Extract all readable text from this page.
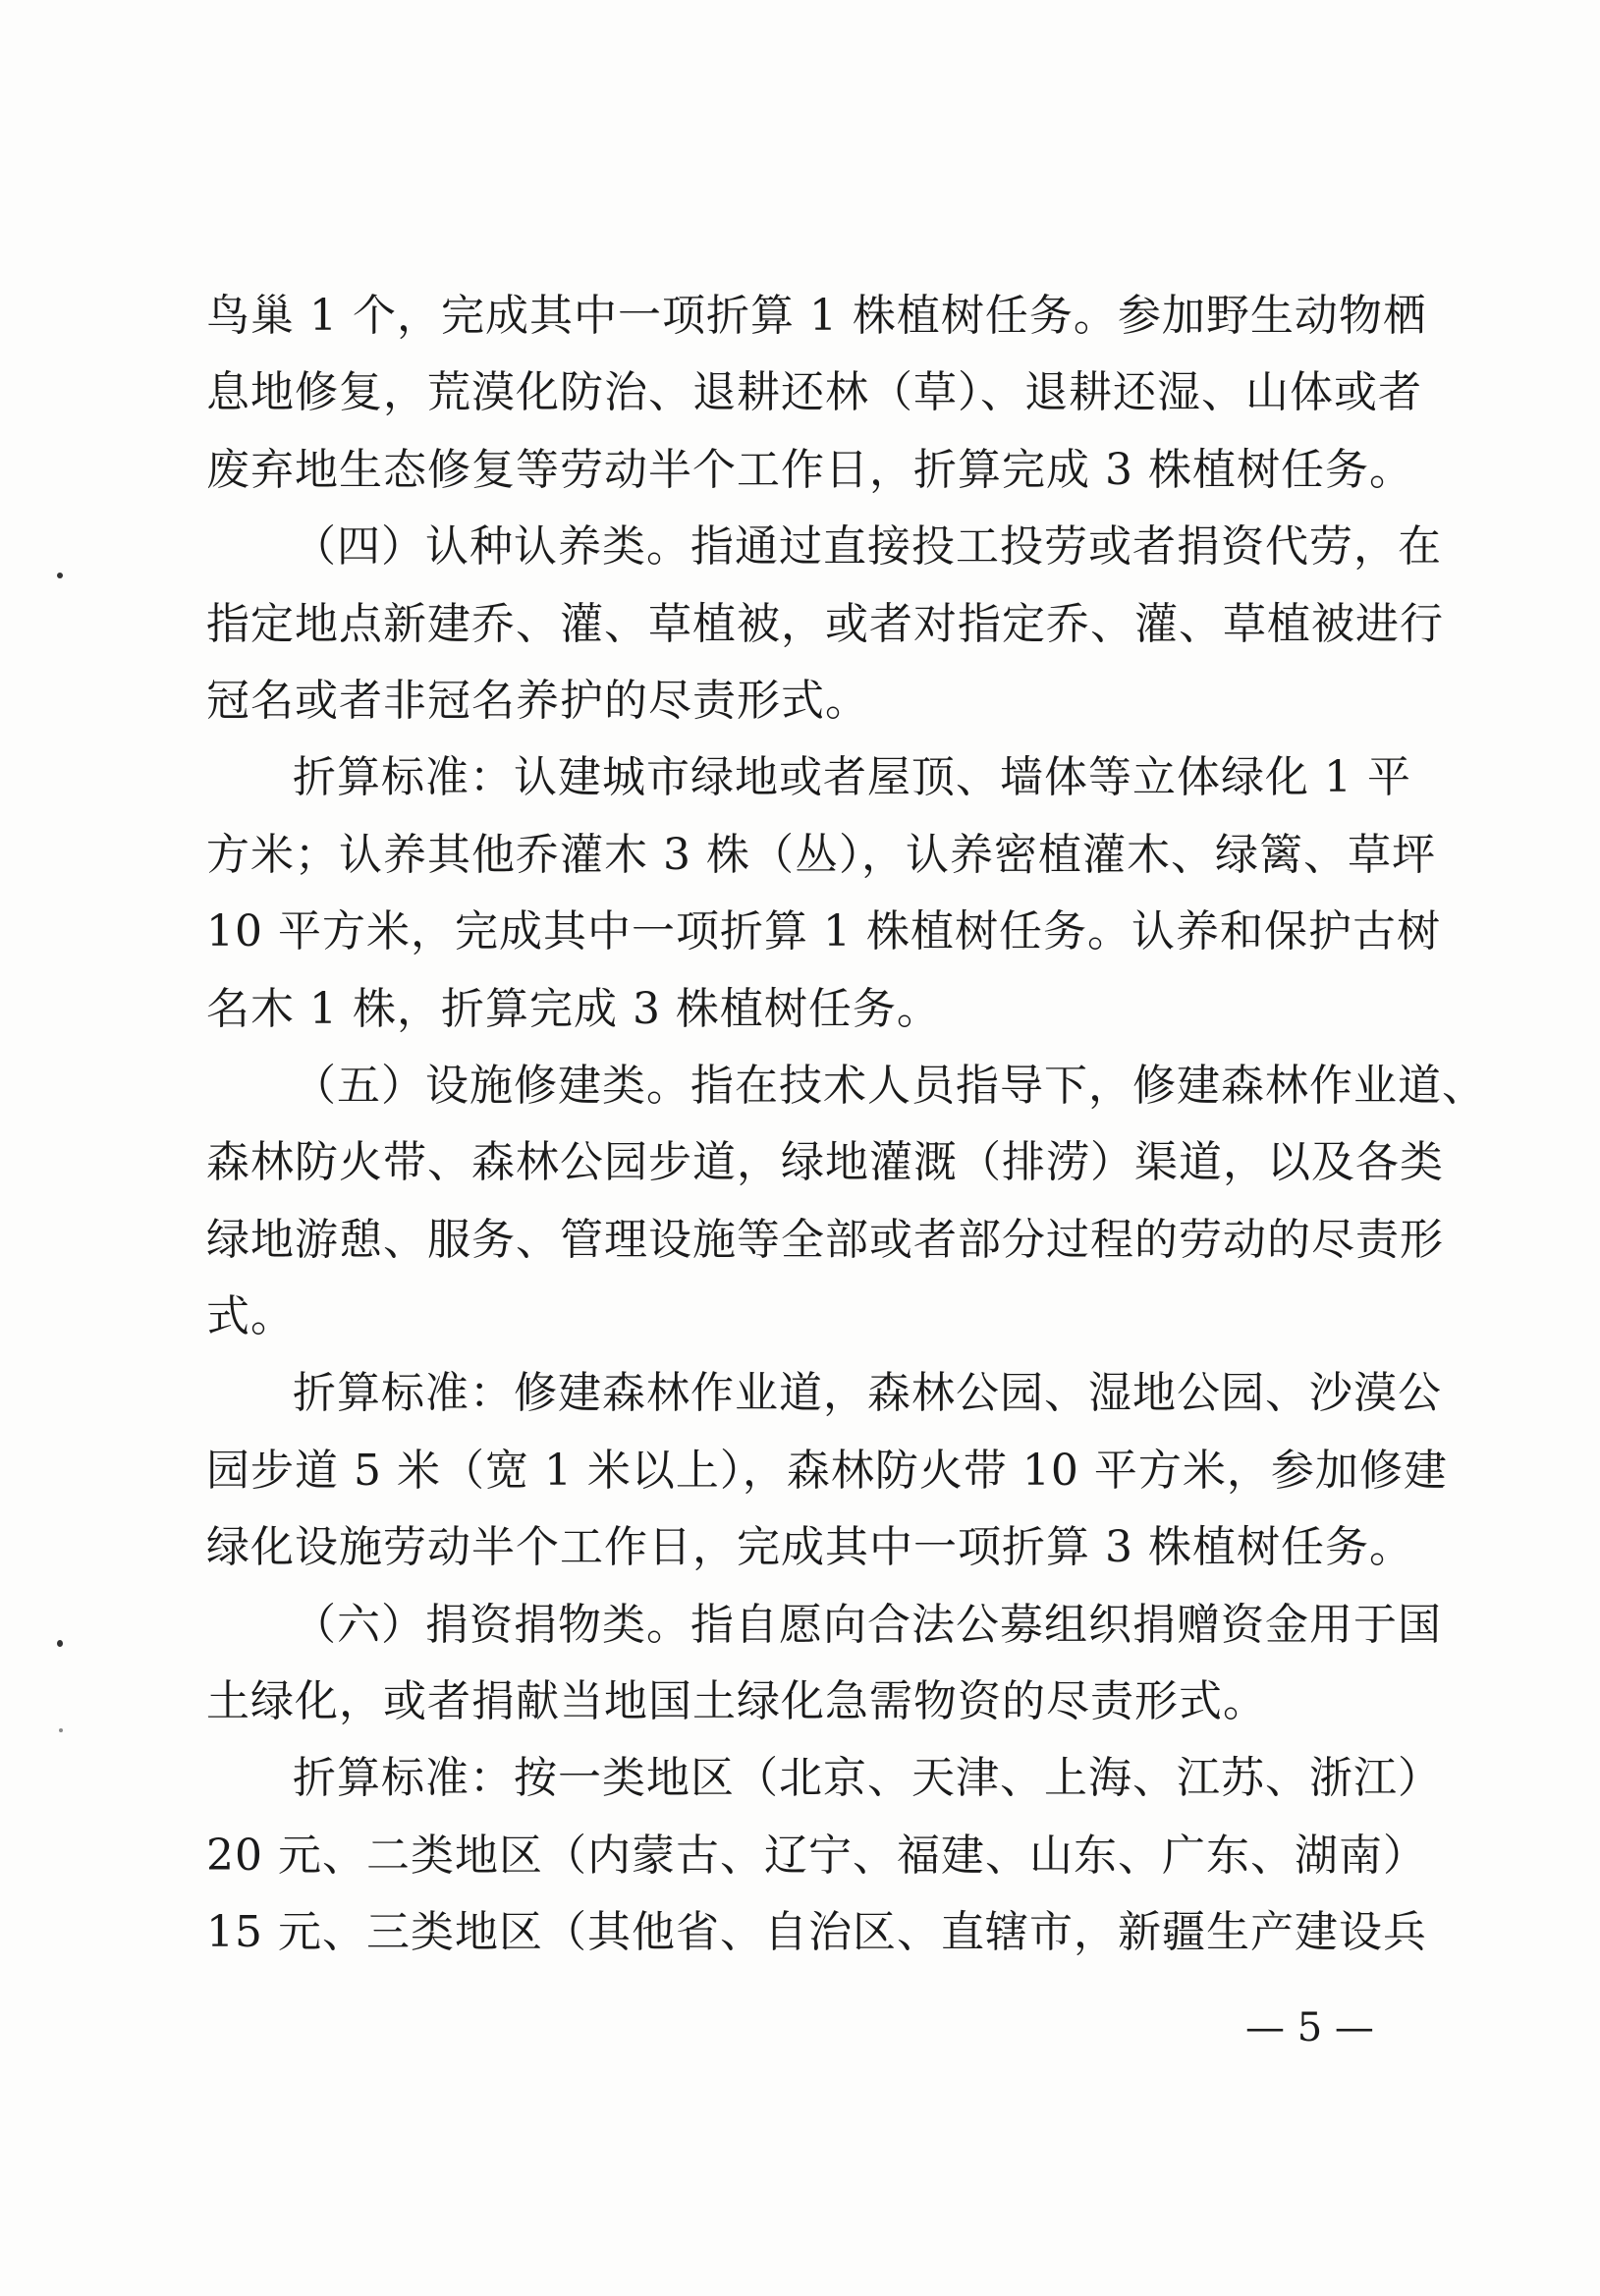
鸟巢 1 个，完成其中一项折算 1 株植树任务。参加野生动物栖
息地修复，荒漠化防治、退耕还林（草）、退耕还湿、山体或者
废弃地生态修复等劳动半个工作日，折算完成 3 株植树任务。
（四）认种认养类。指通过直接投工投劳或者捐资代劳，在
指定地点新建乔、灌、草植被，或者对指定乔、灌、草植被进行
冠名或者非冠名养护的尽责形式。
折算标准：认建城市绿地或者屋顶、墙体等立体绿化 1 平
方米；认养其他乔灌木 3 株（丛），认养密植灌木、绿篱、草坪
10 平方米，完成其中一项折算 1 株植树任务。认养和保护古树
名木 1 株，折算完成 3 株植树任务。
（五）设施修建类。指在技术人员指导下，修建森林作业道、
森林防火带、森林公园步道，绿地灌溉（排涝）渠道，以及各类
绿地游憩、服务、管理设施等全部或者部分过程的劳动的尽责形
式。
折算标准：修建森林作业道，森林公园、湿地公园、沙漠公
园步道 5 米（宽 1 米以上），森林防火带 10 平方米，参加修建
绿化设施劳动半个工作日，完成其中一项折算 3 株植树任务。
（六）捐资捐物类。指自愿向合法公募组织捐赠资金用于国
土绿化，或者捐献当地国土绿化急需物资的尽责形式。
折算标准：按一类地区（北京、天津、上海、江苏、浙江）
20 元、二类地区（内蒙古、辽宁、福建、山东、广东、湖南）
15 元、三类地区（其他省、自治区、直辖市，新疆生产建设兵
— 5 —
